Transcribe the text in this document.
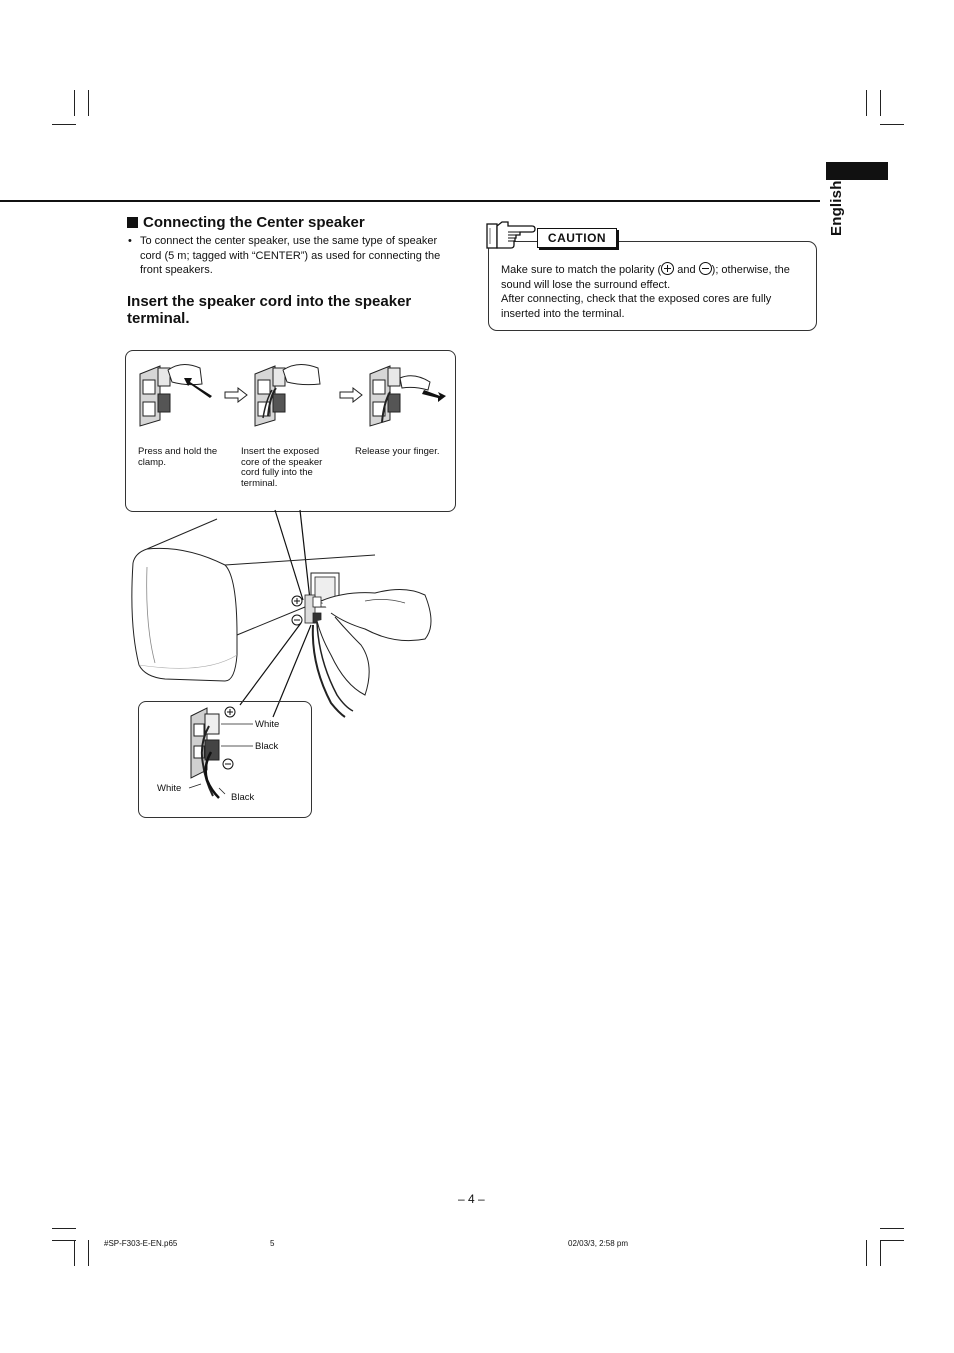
English
Connecting the Center speaker
• To connect the center speaker, use the same type of speaker cord (5 m; tagged with “CENTER”) as used for connecting the front speakers.
Insert the speaker cord into the speaker terminal.
CAUTION
Make sure to match the polarity ( and ); otherwise, the sound will lose the surround effect.
After connecting, check that the exposed cores are fully inserted into the terminal.
Press and hold the clamp.
Insert the exposed core of the speaker cord fully into the terminal.
Release your finger.
White
Black
White
Black
– 4 –
#SP-F303-E-EN.p65	5	02/03/3, 2:58 pm
